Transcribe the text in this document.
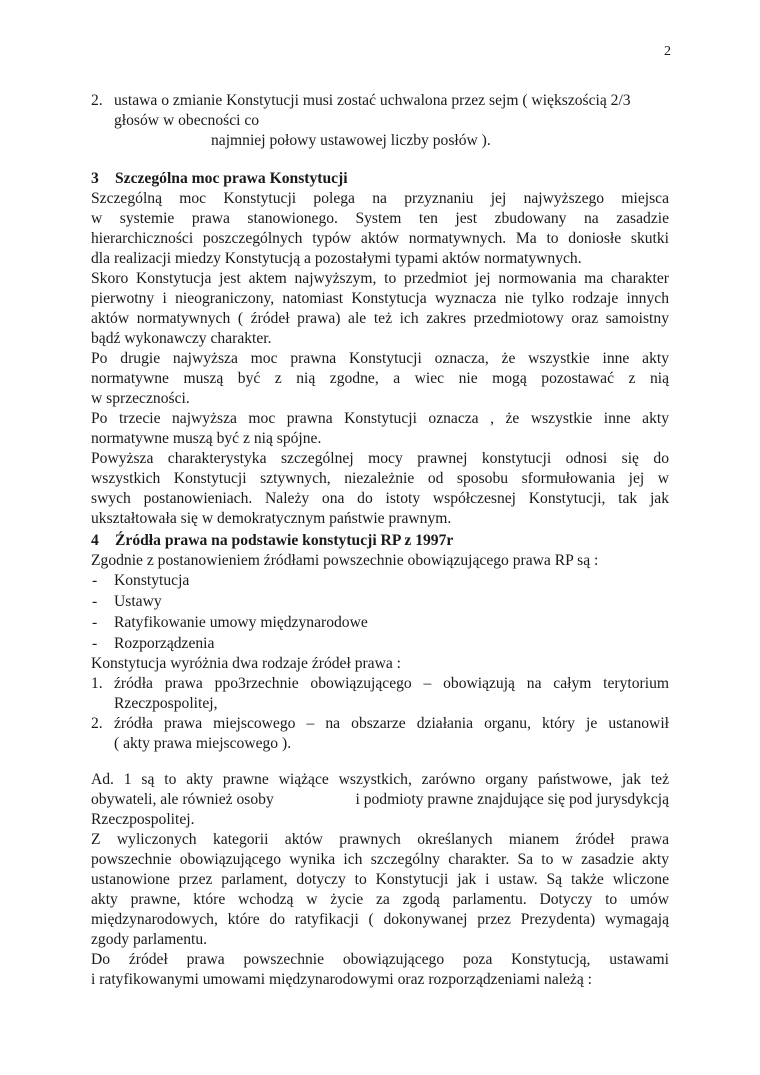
2
2. ustawa o zmianie Konstytucji musi zostać uchwalona przez sejm ( większością 2/3
głosów w obecności co
najmniej połowy ustawowej liczby posłów ).
3 Szczególna moc prawa Konstytucji
Szczególną moc Konstytucji polega na przyznaniu jej najwyższego miejsca
w systemie prawa stanowionego. System ten jest zbudowany na zasadzie
hierarchiczności poszczególnych typów aktów normatywnych. Ma to doniosłe skutki
dla realizacji miedzy Konstytucją a pozostałymi typami aktów normatywnych.
Skoro Konstytucja jest aktem najwyższym, to przedmiot jej normowania ma charakter
pierwotny i nieograniczony, natomiast Konstytucja wyznacza nie tylko rodzaje innych
aktów normatywnych ( źródeł prawa) ale też ich zakres przedmiotowy oraz samoistny
bądź wykonawczy charakter.
Po drugie najwyższa moc prawna Konstytucji oznacza, że wszystkie inne akty
normatywne muszą być z nią zgodne, a wiec nie mogą pozostawać z nią
w sprzeczności.
Po trzecie najwyższa moc prawna Konstytucji oznacza , że wszystkie inne akty
normatywne muszą być z nią spójne.
Powyższa charakterystyka szczególnej mocy prawnej konstytucji odnosi się do
wszystkich Konstytucji sztywnych, niezależnie od sposobu sformułowania jej w
swych postanowieniach. Należy ona do istoty współczesnej Konstytucji, tak jak
ukształtowała się w demokratycznym państwie prawnym.
4 Źródła prawa na podstawie konstytucji RP z 1997r
Zgodnie z postanowieniem źródłami powszechnie obowiązującego prawa RP są :
- Konstytucja
- Ustawy
- Ratyfikowanie umowy międzynarodowe
- Rozporządzenia
Konstytucja wyróżnia dwa rodzaje źródeł prawa :
1. źródła prawa ppo3rzechnie obowiązującego – obowiązują na całym terytorium
Rzeczpospolitej,
2. źródła prawa miejscowego – na obszarze działania organu, który je ustanowił
( akty prawa miejscowego ).
Ad. 1 są to akty prawne wiążące wszystkich, zarówno organy państwowe, jak też
obywateli, ale również osoby	i podmioty prawne znajdujące się pod jurysdykcją
Rzeczpospolitej.
Z wyliczonych kategorii aktów prawnych określanych mianem źródeł prawa
powszechnie obowiązującego wynika ich szczególny charakter. Sa to w zasadzie akty
ustanowione przez parlament, dotyczy to Konstytucji jak i ustaw. Są także wliczone
akty prawne, które wchodzą w życie za zgodą parlamentu. Dotyczy to umów
międzynarodowych, które do ratyfikacji ( dokonywanej przez Prezydenta) wymagają
zgody parlamentu.
Do źródeł prawa powszechnie obowiązującego poza Konstytucją, ustawami
i ratyfikowanymi umowami międzynarodowymi oraz rozporządzeniami należą :
